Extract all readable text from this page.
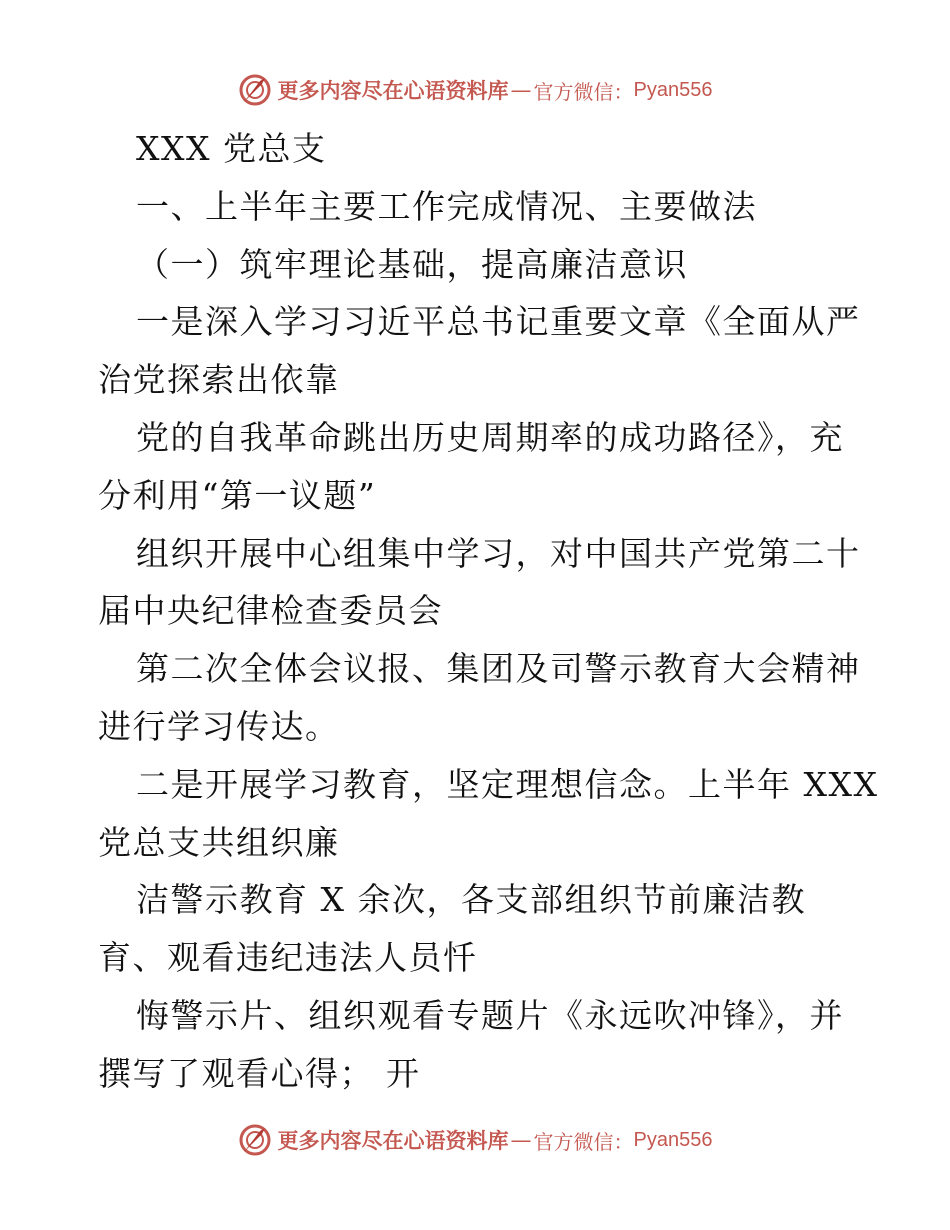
更多内容尽在心语资料库 — 官方微信： Pyan556
XXX 党总支
一、上半年主要工作完成情况、主要做法
（一）筑牢理论基础，提高廉洁意识
一是深入学习习近平总书记重要文章《全面从严
治党探索出依靠
党的自我革命跳出历史周期率的成功路径》，充
分利用“第一议题”
组织开展中心组集中学习，对中国共产党第二十
届中央纪律检查委员会
第二次全体会议报、集团及司警示教育大会精神
进行学习传达。
二是开展学习教育，坚定理想信念。上半年 XXX
党总支共组织廉
洁警示教育 X 余次，各支部组织节前廉洁教
育、观看违纪违法人员忏
悔警示片、组织观看专题片《永远吹冲锋》，并
撰写了观看心得； 开
更多内容尽在心语资料库 — 官方微信： Pyan556
